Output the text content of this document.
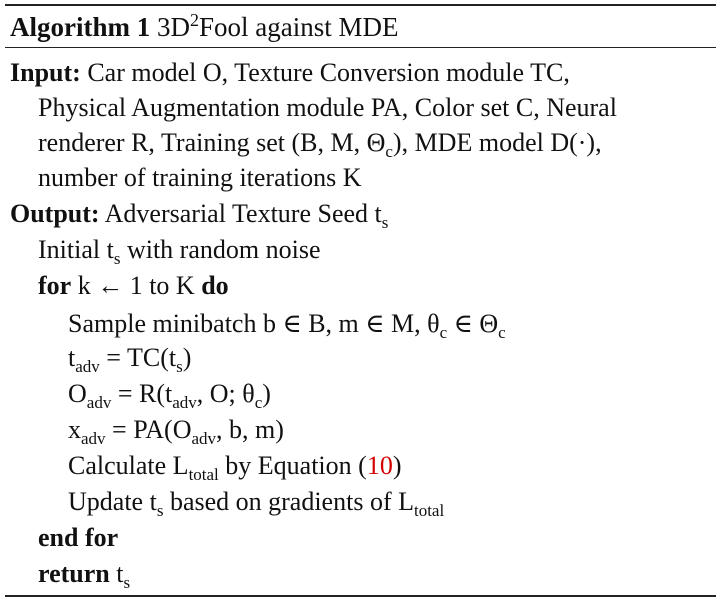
Algorithm 1 $3D^2Fool$ against MDE
Input: Car model O, Texture Conversion module TC,
Physical Augmentation module PA, Color set C, Neural
renderer R, Training set (B, M, $\Theta_c$), MDE model D(·),
number of training iterations K
Output: Adversarial Texture Seed $t_s$
Initial $t_s$ with random noise
for k ← 1 to K do
Sample minibatch b ∈ B, m ∈ M, $\theta_c$ ∈ $\Theta_c$
$t_{adv} = TC(t_s)$
$O_{adv} = R(t_{adv}$, O; $\theta_c$)
$x_{adv} = PA(O_{adv}$, b, m)
Calculate $L_{total}$ by Equation (10)
Update $t_s$ based on gradients of $L_{total}$
end for
return $t_s$
